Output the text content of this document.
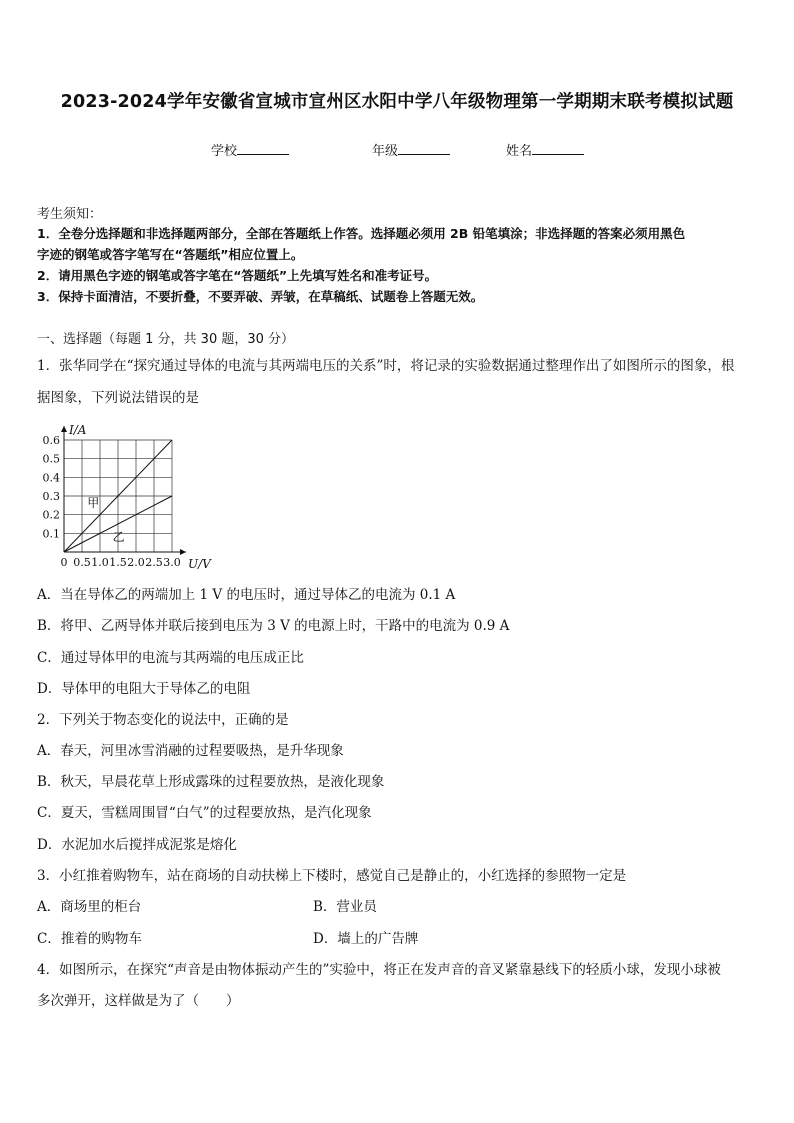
2023-2024学年安徽省宣城市宣州区水阳中学八年级物理第一学期期末联考模拟试题
学校	年级	姓名
考生须知：
1．全卷分选择题和非选择题两部分，全部在答题纸上作答。选择题必须用 2B 铅笔填涂；非选择题的答案必须用黑色
字迹的钢笔或答字笔写在“答题纸”相应位置上。
2．请用黑色字迹的钢笔或答字笔在“答题纸”上先填写姓名和准考证号。
3．保持卡面清洁，不要折叠，不要弄破、弄皱，在草稿纸、试题卷上答题无效。
一、选择题（每题 1 分，共 30 题，30 分）
1．张华同学在“探究通过导体的电流与其两端电压的关系”时，将记录的实验数据通过整理作出了如图所示的图象，根
据图象，下列说法错误的是
甲
乙
0.1
0.2
0.3
0.4
0.5
0.6
0 0.5 1.0 1.5 2.0 2.5 3.0
I/A
U/V
A．当在导体乙的两端加上 1 V 的电压时，通过导体乙的电流为 0.1 A
B．将甲、乙两导体并联后接到电压为 3 V 的电源上时，干路中的电流为 0.9 A
C．通过导体甲的电流与其两端的电压成正比
D．导体甲的电阻大于导体乙的电阻
2．下列关于物态变化的说法中，正确的是
A．春天，河里冰雪消融的过程要吸热，是升华现象
B．秋天，早晨花草上形成露珠的过程要放热，是液化现象
C．夏天，雪糕周围冒“白气”的过程要放热，是汽化现象
D．水泥加水后搅拌成泥浆是熔化
3．小红推着购物车，站在商场的自动扶梯上下楼时，感觉自己是静止的，小红选择的参照物一定是
A．商场里的柜台	B．营业员
C．推着的购物车	D．墙上的广告牌
4．如图所示，在探究“声音是由物体振动产生的”实验中，将正在发声音的音叉紧靠悬线下的轻质小球，发现小球被
多次弹开，这样做是为了（　　）
